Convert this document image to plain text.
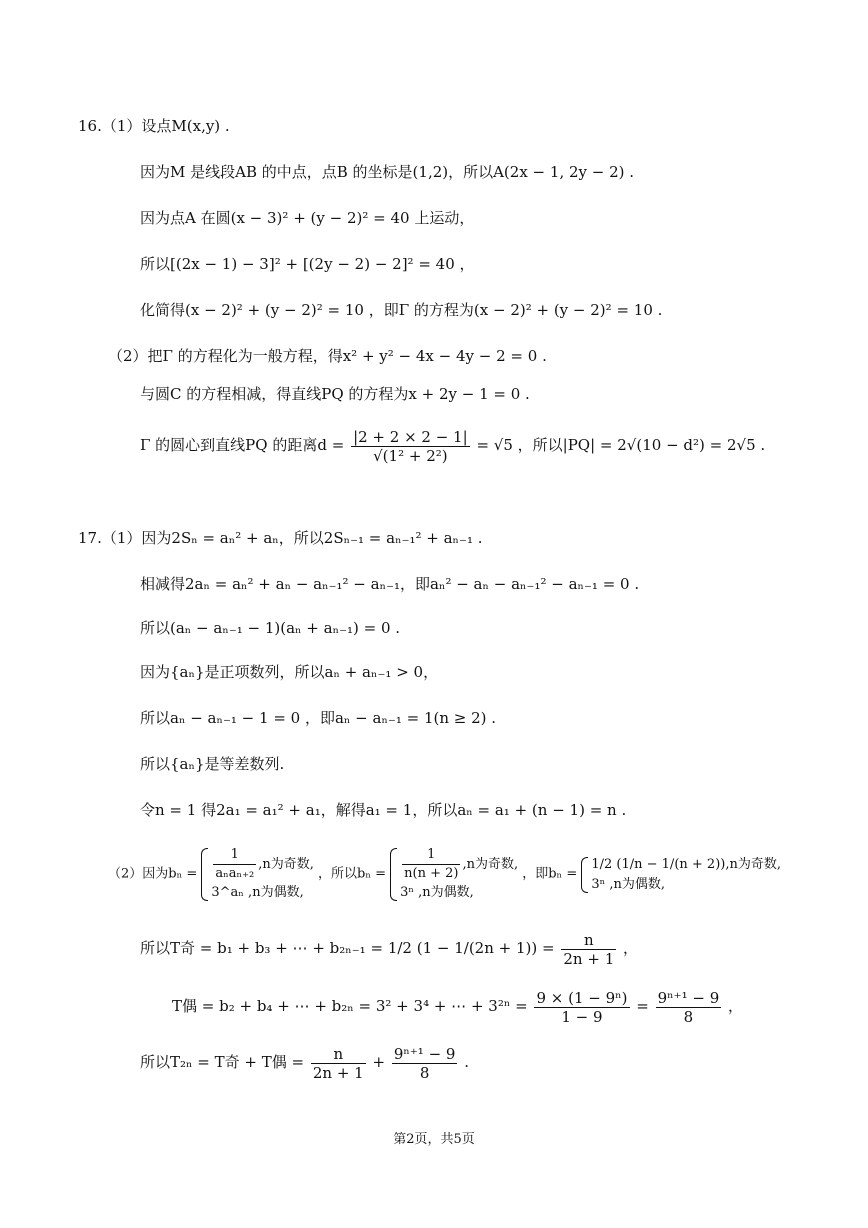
16.（1）设点M(x,y) .
因为M 是线段AB 的中点，点B 的坐标是(1,2)，所以A(2x − 1, 2y − 2) .
因为点A 在圆(x − 3)² + (y − 2)² = 40 上运动，
所以[(2x − 1) − 3]² + [(2y − 2) − 2]² = 40 ，
化简得(x − 2)² + (y − 2)² = 10 ，即Γ 的方程为(x − 2)² + (y − 2)² = 10 .
（2）把Γ 的方程化为一般方程，得x² + y² − 4x − 4y − 2 = 0 .
与圆C 的方程相减，得直线PQ 的方程为x + 2y − 1 = 0 .
Γ 的圆心到直线PQ 的距离$d = \frac{|2 + 2 \times 2 - 1|}{\text{√(1² + 2²)}} = √5$ ，所以|PQ| = 2√(10 − d²) = 2√5 .
17.（1）因为2Sₙ = aₙ² + aₙ，所以2Sₙ₋₁ = aₙ₋₁² + aₙ₋₁ .
相减得2aₙ = aₙ² + aₙ − aₙ₋₁² − aₙ₋₁，即aₙ² − aₙ − aₙ₋₁² − aₙ₋₁ = 0 .
所以(aₙ − aₙ₋₁ − 1)(aₙ + aₙ₋₁) = 0 .
因为{aₙ}是正项数列，所以aₙ + aₙ₋₁ > 0，
所以aₙ − aₙ₋₁ − 1 = 0 ，即aₙ − aₙ₋₁ = 1(n ≥ 2) .
所以{aₙ}是等差数列.
令n = 1 得2a₁ = a₁² + a₁，解得a₁ = 1，所以aₙ = a₁ + (n − 1) = n .
（2）因为$b_n = \frac{1}{\text{aₙaₙ₊₂}} ,n$为奇数,
3^aₙ ,n为偶数,
，所以$b_n = \frac{1}{n(n + 2)} ,n$为奇数,
3ⁿ ,n为偶数,
，即bₙ =
1/2 (1/n − 1/(n + 2)),n为奇数,
3ⁿ ,n为偶数,
所以T奇 = b₁ + b₃ + ⋯ + b₂ₙ₋₁ = 1/2 $(1 - 1/(2n + 1)) = \frac{n}{2n + 1}$ ，
T偶 = b₂ + b₄ + ⋯ + b₂ₙ = 3² + 3⁴ + ⋯ + $3^{2n} = \frac{\text{9 × (1 − 9ⁿ)}}{1 - 9} = \frac{\text{9ⁿ⁺¹ − 9}}{8}$ ，
所以T₂ₙ = T奇 + T偶 = $\frac{n}{2n + 1} + \frac{\text{9ⁿ⁺¹ − 9}}{8}$ .
第2页，共5页
